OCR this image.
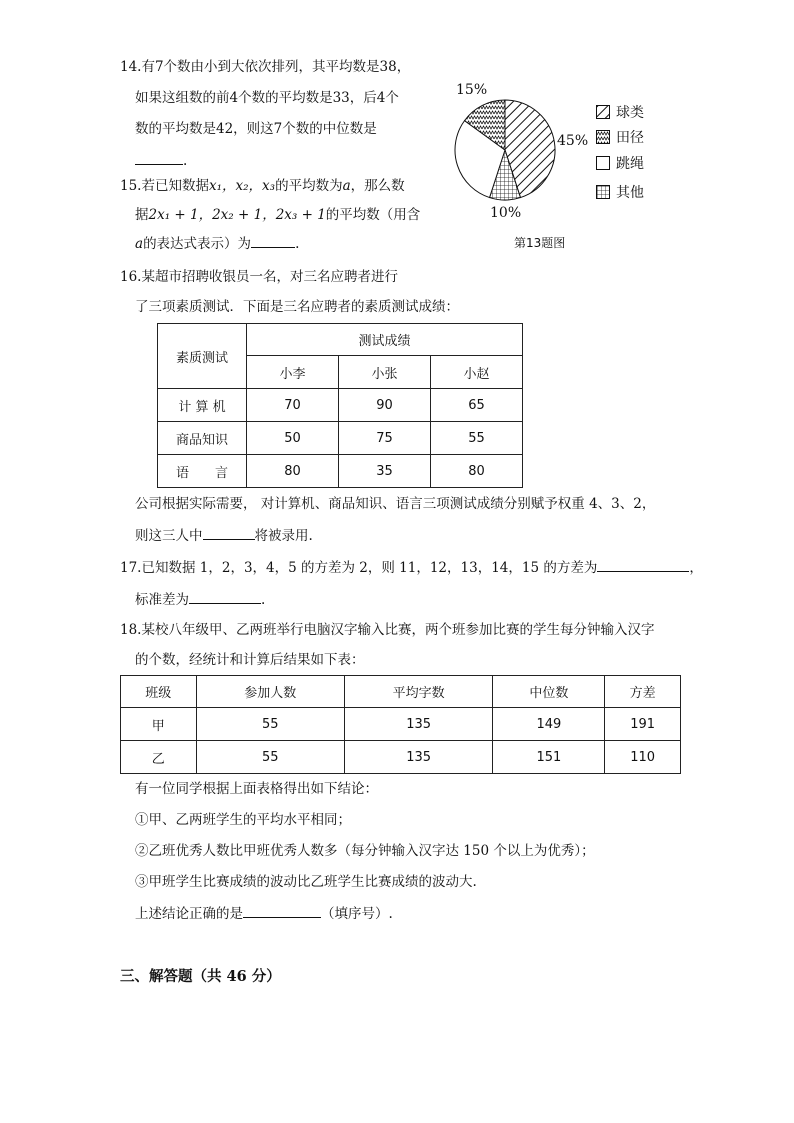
14.有7个数由小到大依次排列，其平均数是38，
如果这组数的前4个数的平均数是33，后4个
数的平均数是42，则这7个数的中位数是
.
15.若已知数据x₁，x₂，x₃的平均数为a，那么数
据2x₁ + 1，2x₂ + 1，2x₃ + 1的平均数（用含
a的表达式表示）为	.
15%
45%
10%
球类
田径
跳绳
其他
第13题图
16.某超市招聘收银员一名，对三名应聘者进行
了三项素质测试．下面是三名应聘者的素质测试成绩：
素质测试	测试成绩		
	小李	小张	小赵
计 算 机	70	90	65
商品知识	50	75	55
语　　言	80	35	80
公司根据实际需要， 对计算机、商品知识、语言三项测试成绩分别赋予权重 4、3、2，
则这三人中	将被录用.
17.已知数据 1，2，3，4，5 的方差为 2，则 11，12，13，14，15 的方差为	，
标准差为	.
18.某校八年级甲、乙两班举行电脑汉字输入比赛，两个班参加比赛的学生每分钟输入汉字
的个数，经统计和计算后结果如下表：
班级	参加人数	平均字数	中位数	方差
甲	55	135	149	191
乙	55	135	151	110
有一位同学根据上面表格得出如下结论：
①甲、乙两班学生的平均水平相同；
②乙班优秀人数比甲班优秀人数多（每分钟输入汉字达 150 个以上为优秀）；
③甲班学生比赛成绩的波动比乙班学生比赛成绩的波动大.
上述结论正确的是	（填序号）.
三、解答题（共 46 分）
